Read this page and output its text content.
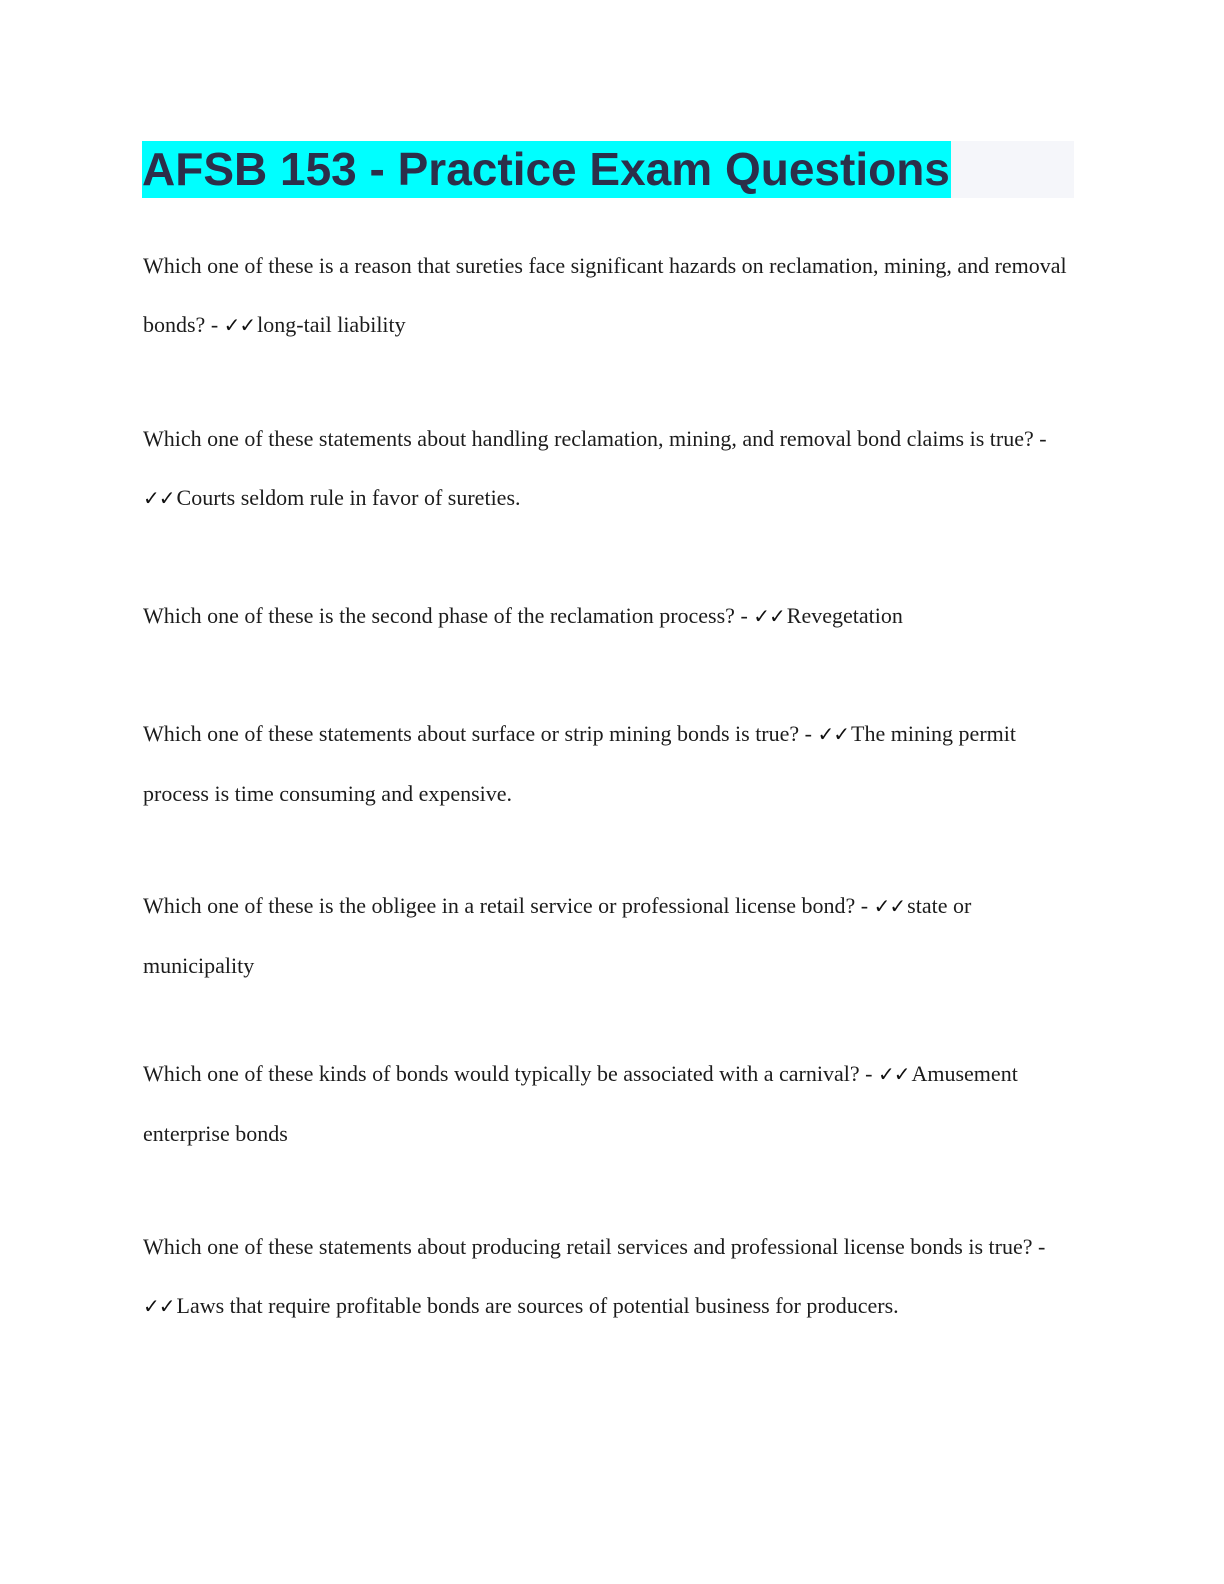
AFSB 153 - Practice Exam Questions

Which one of these is a reason that sureties face significant hazards on reclamation, mining, and removal bonds? - ✓✓long-tail liability

Which one of these statements about handling reclamation, mining, and removal bond claims is true? - ✓✓Courts seldom rule in favor of sureties.

Which one of these is the second phase of the reclamation process? - ✓✓Revegetation

Which one of these statements about surface or strip mining bonds is true? - ✓✓The mining permit process is time consuming and expensive.

Which one of these is the obligee in a retail service or professional license bond? - ✓✓state or municipality

Which one of these kinds of bonds would typically be associated with a carnival? - ✓✓Amusement enterprise bonds

Which one of these statements about producing retail services and professional license bonds is true? - ✓✓Laws that require profitable bonds are sources of potential business for producers.
